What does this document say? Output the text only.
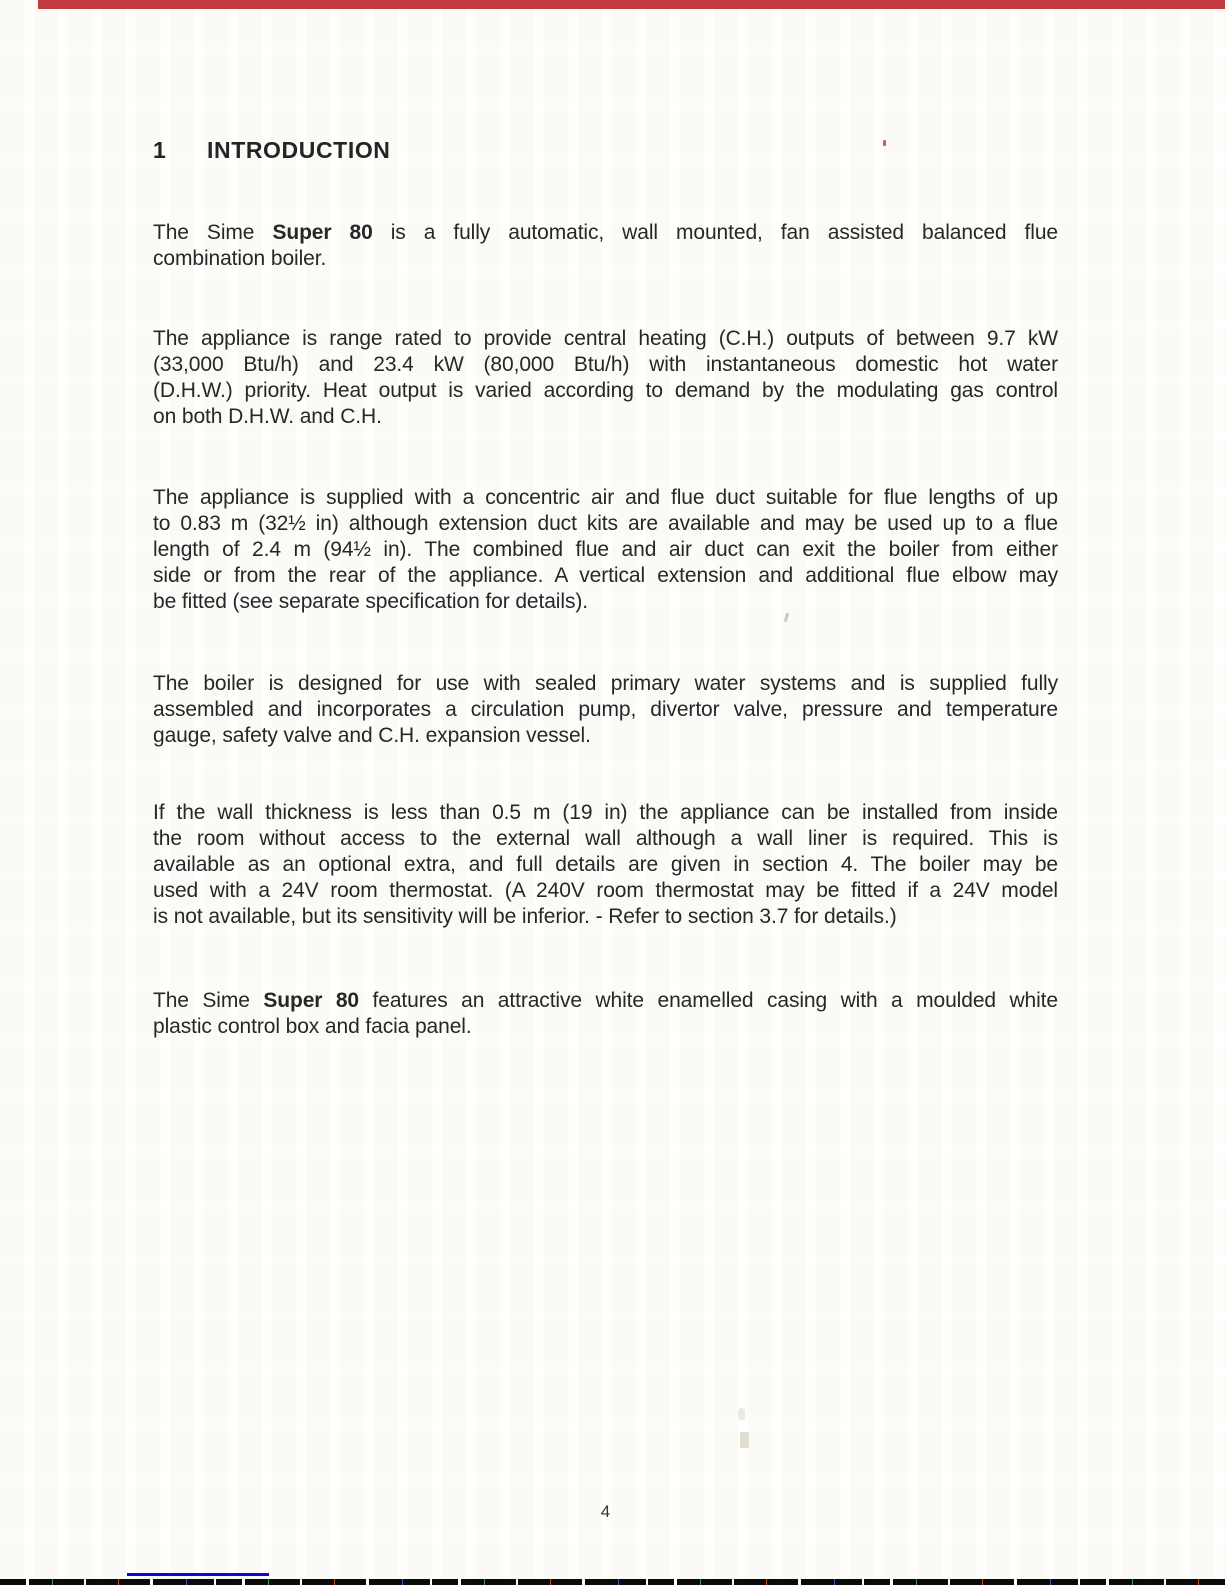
1 INTRODUCTION
The Sime Super 80 is a fully automatic, wall mounted, fan assisted balanced flue
combination boiler.
The appliance is range rated to provide central heating (C.H.) outputs of between 9.7 kW
(33,000 Btu/h) and 23.4 kW (80,000 Btu/h) with instantaneous domestic hot water
(D.H.W.) priority. Heat output is varied according to demand by the modulating gas control
on both D.H.W. and C.H.
The appliance is supplied with a concentric air and flue duct suitable for flue lengths of up
to 0.83 m (32½ in) although extension duct kits are available and may be used up to a flue
length of 2.4 m (94½ in). The combined flue and air duct can exit the boiler from either
side or from the rear of the appliance. A vertical extension and additional flue elbow may
be fitted (see separate specification for details).
The boiler is designed for use with sealed primary water systems and is supplied fully
assembled and incorporates a circulation pump, divertor valve, pressure and temperature
gauge, safety valve and C.H. expansion vessel.
If the wall thickness is less than 0.5 m (19 in) the appliance can be installed from inside
the room without access to the external wall although a wall liner is required. This is
available as an optional extra, and full details are given in section 4. The boiler may be
used with a 24V room thermostat. (A 240V room thermostat may be fitted if a 24V model
is not available, but its sensitivity will be inferior. - Refer to section 3.7 for details.)
The Sime Super 80 features an attractive white enamelled casing with a moulded white
plastic control box and facia panel.
4
